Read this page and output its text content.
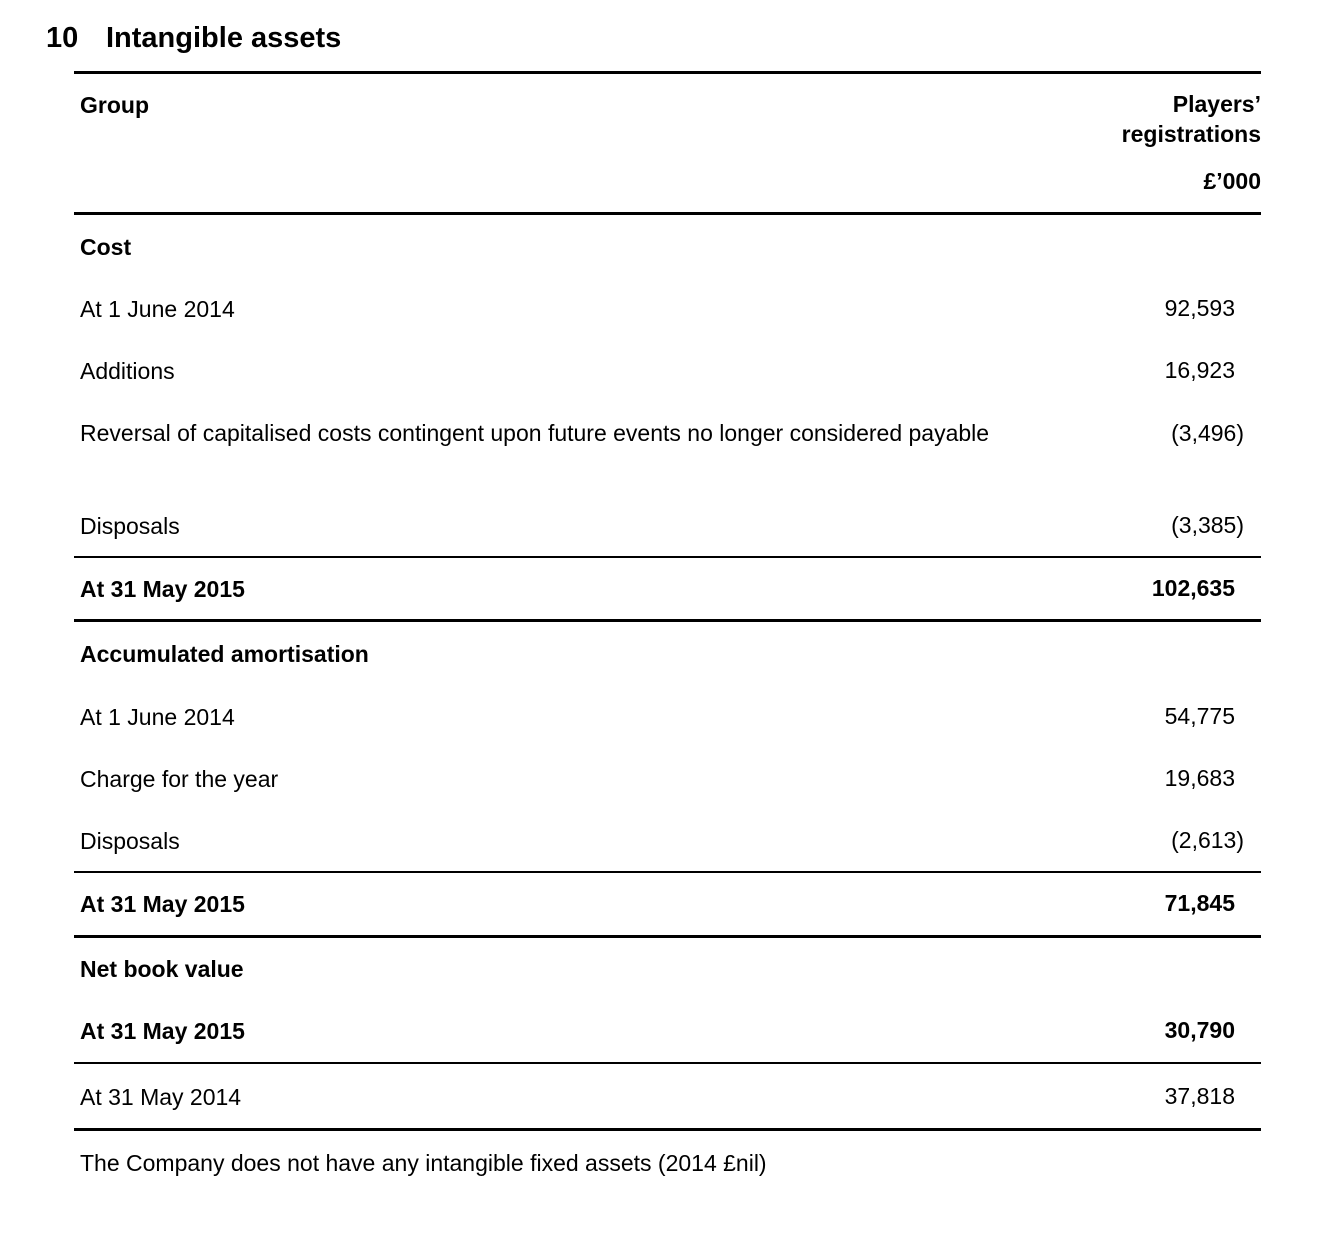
10 Intangible assets
Group	Players’
registrations
£’000
Cost
At 1 June 2014	92,593
Additions	16,923
Reversal of capitalised costs contingent upon future events no longer considered payable	(3,496)
Disposals	(3,385)
At 31 May 2015	102,635
Accumulated amortisation
At 1 June 2014	54,775
Charge for the year	19,683
Disposals	(2,613)
At 31 May 2015	71,845
Net book value
At 31 May 2015	30,790
At 31 May 2014	37,818
The Company does not have any intangible fixed assets (2014 £nil)
